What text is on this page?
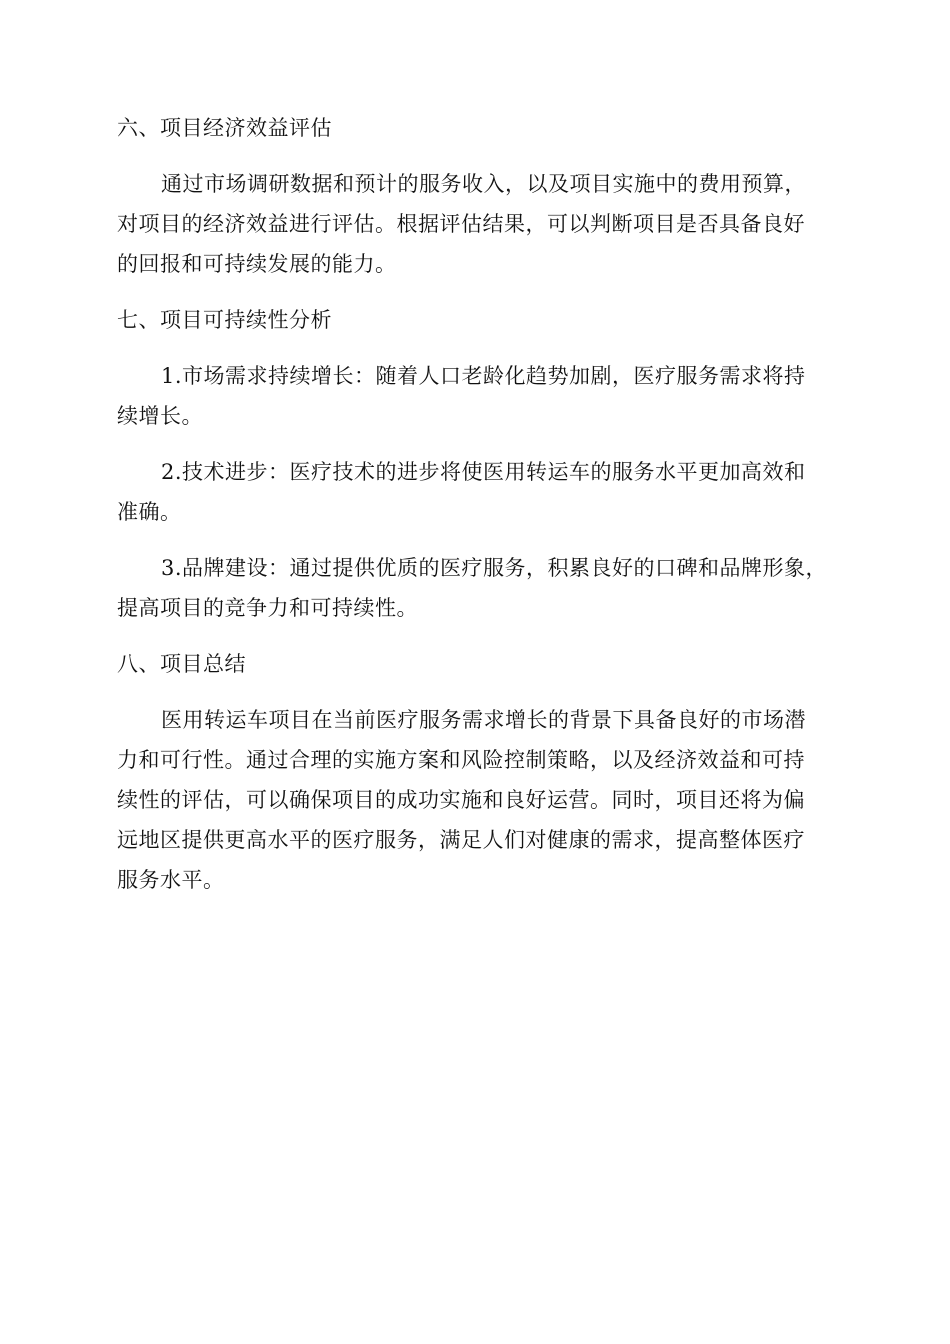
六、项目经济效益评估

通过市场调研数据和预计的服务收入，以及项目实施中的费用预算，
对项目的经济效益进行评估。根据评估结果，可以判断项目是否具备良好
的回报和可持续发展的能力。

七、项目可持续性分析

1.市场需求持续增长：随着人口老龄化趋势加剧，医疗服务需求将持
续增长。

2.技术进步：医疗技术的进步将使医用转运车的服务水平更加高效和
准确。

3.品牌建设：通过提供优质的医疗服务，积累良好的口碑和品牌形象，
提高项目的竞争力和可持续性。

八、项目总结

医用转运车项目在当前医疗服务需求增长的背景下具备良好的市场潜
力和可行性。通过合理的实施方案和风险控制策略，以及经济效益和可持
续性的评估，可以确保项目的成功实施和良好运营。同时，项目还将为偏
远地区提供更高水平的医疗服务，满足人们对健康的需求，提高整体医疗
服务水平。
